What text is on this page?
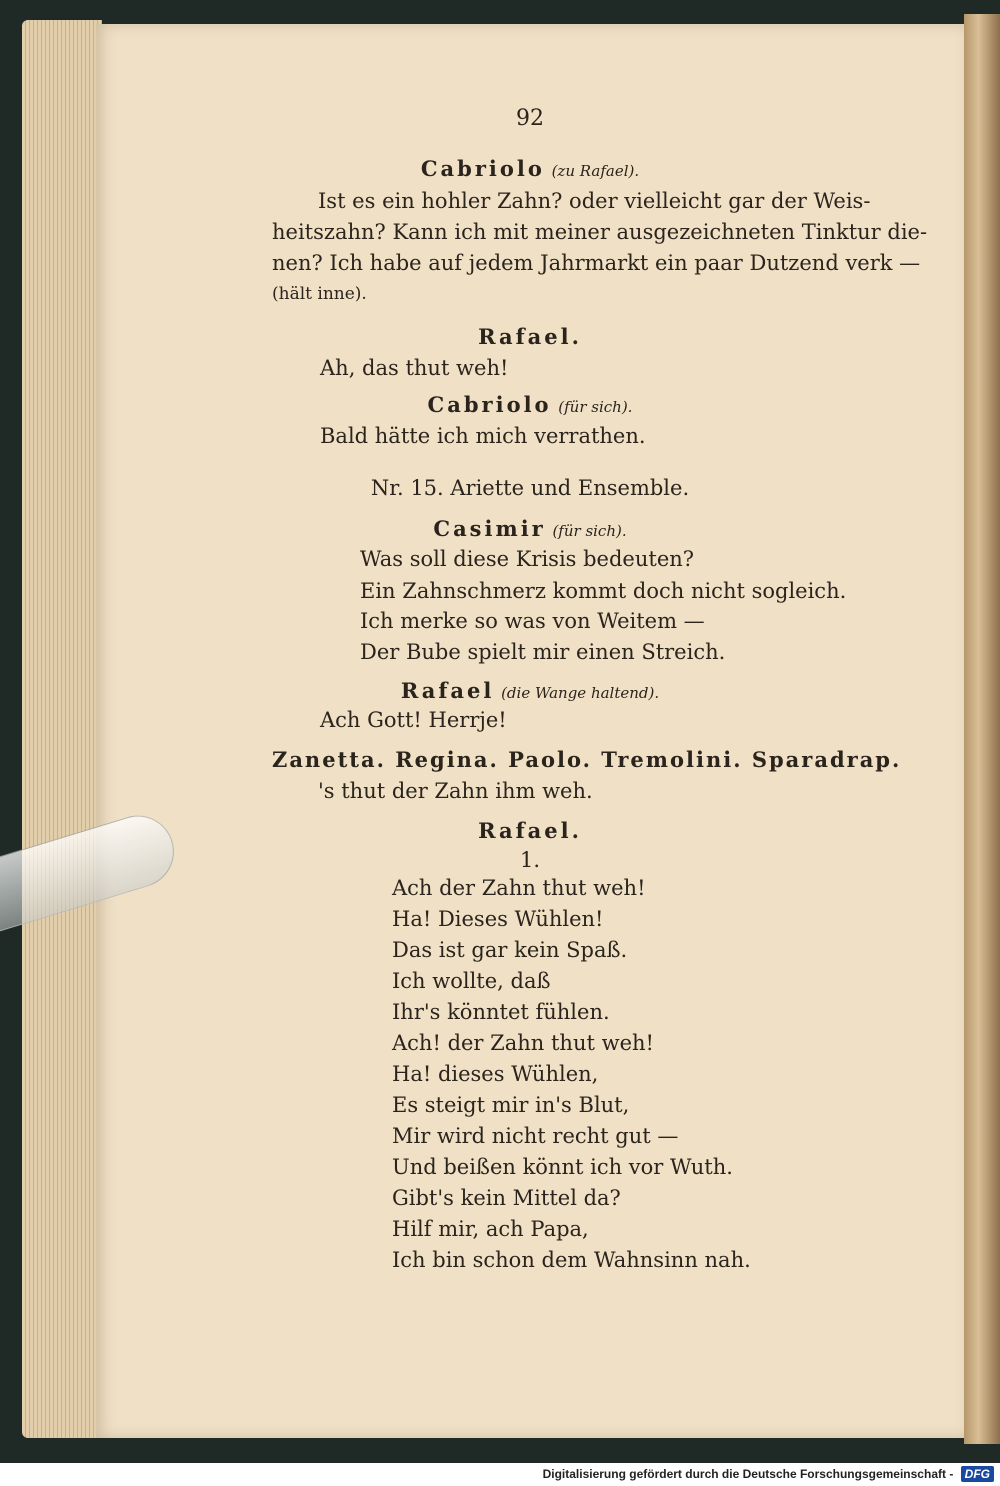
92
Cabriolo (zu Rafael).
Ist es ein hohler Zahn? oder vielleicht gar der Weis-
heitszahn? Kann ich mit meiner ausgezeichneten Tinktur die-
nen? Ich habe auf jedem Jahrmarkt ein paar Dutzend verk —
(hält inne).
Rafael.
Ah, das thut weh!
Cabriolo (für sich).
Bald hätte ich mich verrathen.
Nr. 15. Ariette und Ensemble.
Casimir (für sich).
Was soll diese Krisis bedeuten?
Ein Zahnschmerz kommt doch nicht sogleich.
Ich merke so was von Weitem —
Der Bube spielt mir einen Streich.
Rafael (die Wange haltend).
Ach Gott! Herrje!
Zanetta. Regina. Paolo. Tremolini. Sparadrap.
's thut der Zahn ihm weh.
Rafael.
1.
Ach der Zahn thut weh!
Ha! Dieses Wühlen!
Das ist gar kein Spaß.
Ich wollte, daß
Ihr's könntet fühlen.
Ach! der Zahn thut weh!
Ha! dieses Wühlen,
Es steigt mir in's Blut,
Mir wird nicht recht gut —
Und beißen könnt ich vor Wuth.
Gibt's kein Mittel da?
Hilf mir, ach Papa,
Ich bin schon dem Wahnsinn nah.
Digitalisierung gefördert durch die Deutsche Forschungsgemeinschaft - DFG
